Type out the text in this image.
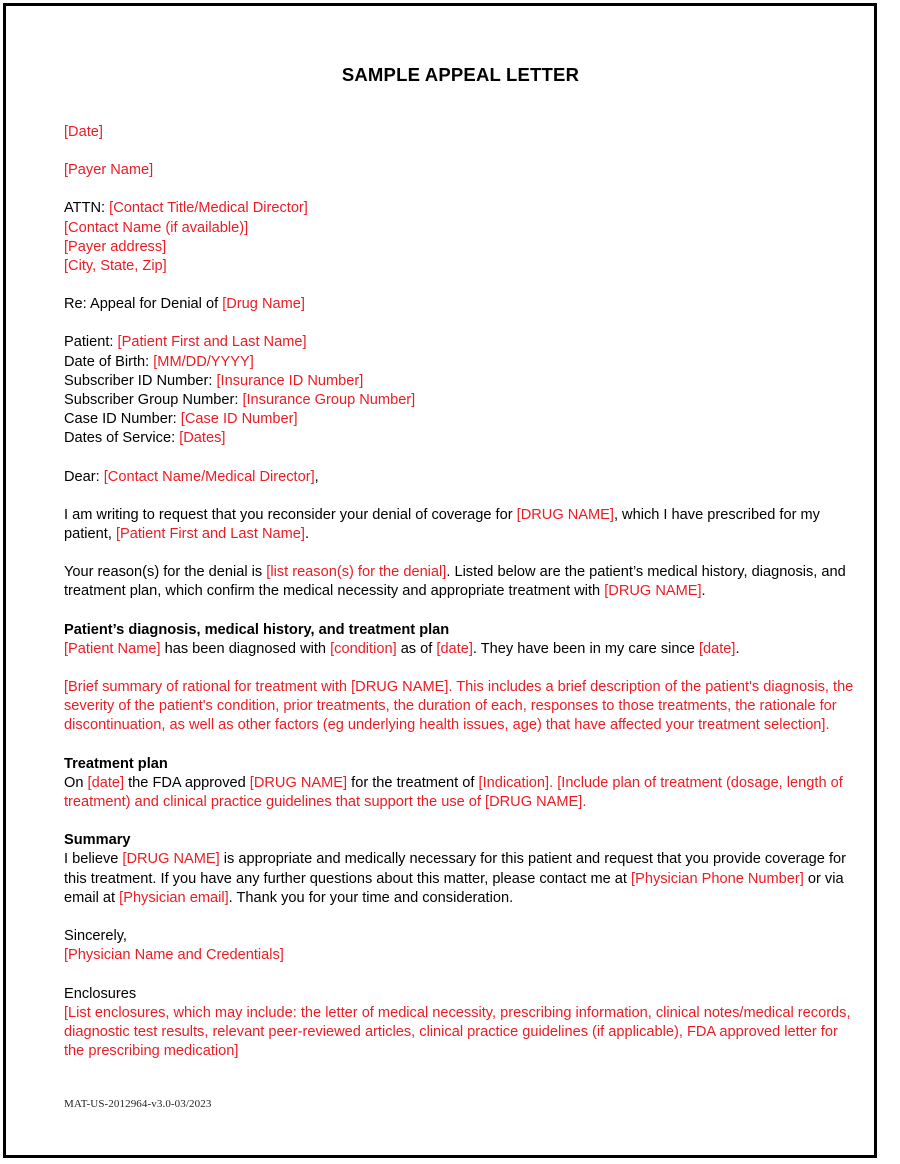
SAMPLE APPEAL LETTER

[Date]

[Payer Name]

ATTN: [Contact Title/Medical Director]
[Contact Name (if available)]
[Payer address]
[City, State, Zip]

Re: Appeal for Denial of [Drug Name]

Patient: [Patient First and Last Name]
Date of Birth: [MM/DD/YYYY]
Subscriber ID Number: [Insurance ID Number]
Subscriber Group Number: [Insurance Group Number]
Case ID Number: [Case ID Number]
Dates of Service: [Dates]

Dear: [Contact Name/Medical Director],

I am writing to request that you reconsider your denial of coverage for [DRUG NAME], which I have prescribed for my patient, [Patient First and Last Name].

Your reason(s) for the denial is [list reason(s) for the denial]. Listed below are the patient’s medical history, diagnosis, and treatment plan, which confirm the medical necessity and appropriate treatment with [DRUG NAME].

Patient’s diagnosis, medical history, and treatment plan

[Patient Name] has been diagnosed with [condition] as of [date]. They have been in my care since [date].

[Brief summary of rational for treatment with [DRUG NAME]. This includes a brief description of the patient's diagnosis, the severity of the patient's condition, prior treatments, the duration of each, responses to those treatments, the rationale for discontinuation, as well as other factors (eg underlying health issues, age) that have affected your treatment selection].

Treatment plan

On [date] the FDA approved [DRUG NAME] for the treatment of [Indication]. [Include plan of treatment (dosage, length of treatment) and clinical practice guidelines that support the use of [DRUG NAME].

Summary

I believe [DRUG NAME] is appropriate and medically necessary for this patient and request that you provide coverage for this treatment. If you have any further questions about this matter, please contact me at [Physician Phone Number] or via email at [Physician email]. Thank you for your time and consideration.

Sincerely,
[Physician Name and Credentials]

Enclosures

[List enclosures, which may include: the letter of medical necessity, prescribing information, clinical notes/medical records, diagnostic test results, relevant peer-reviewed articles, clinical practice guidelines (if applicable), FDA approved letter for the prescribing medication]

MAT-US-2012964-v3.0-03/2023
